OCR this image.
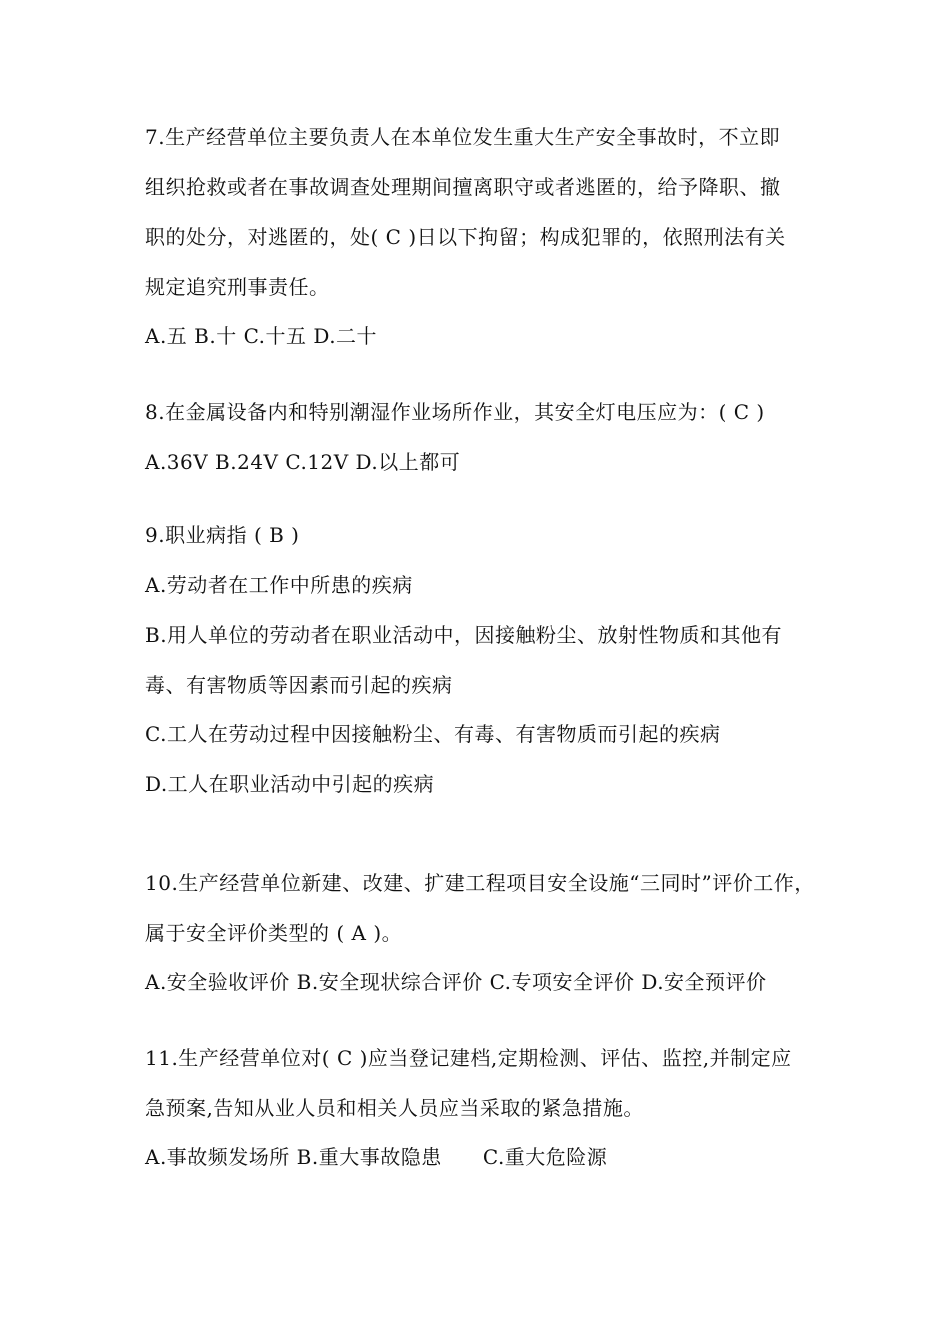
7.生产经营单位主要负责人在本单位发生重大生产安全事故时，不立即
组织抢救或者在事故调查处理期间擅离职守或者逃匿的，给予降职、撤
职的处分，对逃匿的，处( C )日以下拘留；构成犯罪的，依照刑法有关
规定追究刑事责任。
A.五 B.十 C.十五 D.二十
8.在金属设备内和特别潮湿作业场所作业，其安全灯电压应为：( C )
A.36V B.24V C.12V D.以上都可
9.职业病指 ( B )
A.劳动者在工作中所患的疾病
B.用人单位的劳动者在职业活动中，因接触粉尘、放射性物质和其他有
毒、有害物质等因素而引起的疾病
C.工人在劳动过程中因接触粉尘、有毒、有害物质而引起的疾病
D.工人在职业活动中引起的疾病
10.生产经营单位新建、改建、扩建工程项目安全设施“三同时”评价工作，
属于安全评价类型的 ( A )。
A.安全验收评价 B.安全现状综合评价 C.专项安全评价 D.安全预评价
11.生产经营单位对( C )应当登记建档,定期检测、评估、监控,并制定应
急预案,告知从业人员和相关人员应当采取的紧急措施。
A.事故频发场所 B.重大事故隐患      C.重大危险源
